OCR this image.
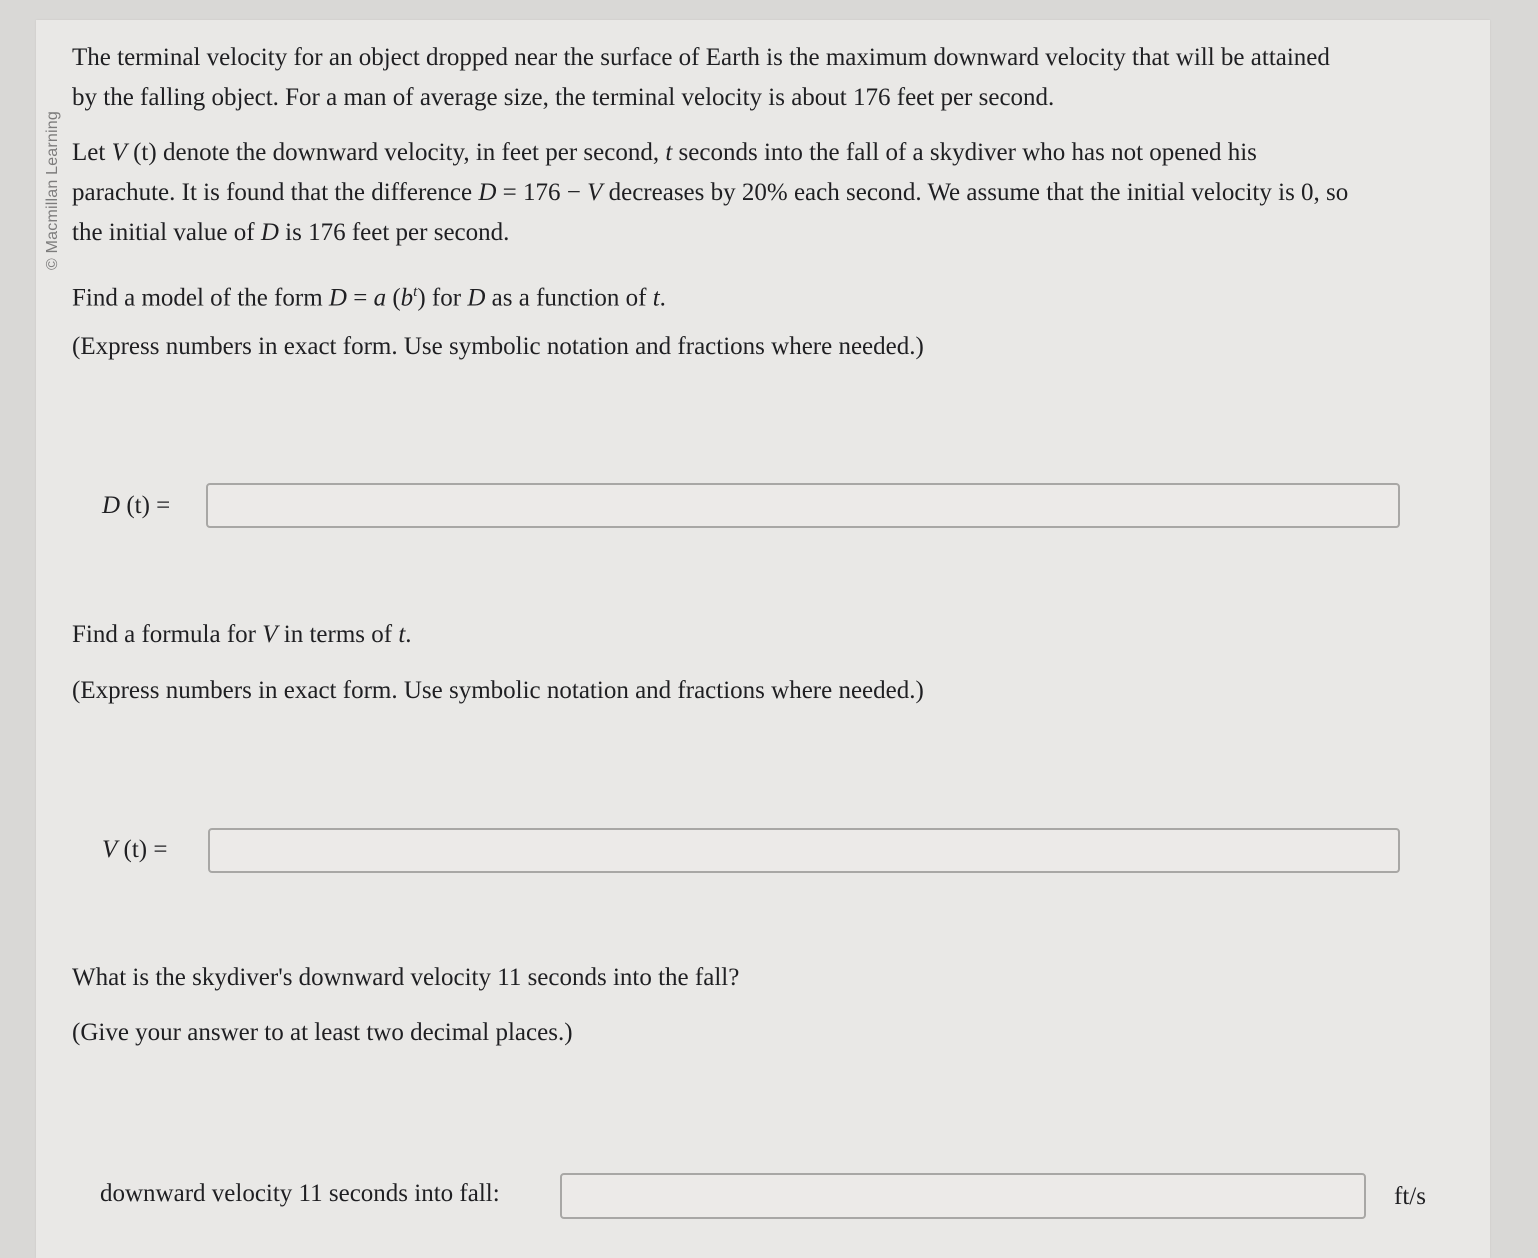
© Macmillan Learning
The terminal velocity for an object dropped near the surface of Earth is the maximum downward velocity that will be attained
by the falling object. For a man of average size, the terminal velocity is about 176 feet per second.
Let V (t) denote the downward velocity, in feet per second, t seconds into the fall of a skydiver who has not opened his
parachute. It is found that the difference D = 176 − V decreases by 20% each second. We assume that the initial velocity is 0, so
the initial value of D is 176 feet per second.
Find a model of the form D = a $(b^t)$ for D as a function of t.
(Express numbers in exact form. Use symbolic notation and fractions where needed.)
D (t) =
Find a formula for V in terms of t.
(Express numbers in exact form. Use symbolic notation and fractions where needed.)
V (t) =
What is the skydiver's downward velocity 11 seconds into the fall?
(Give your answer to at least two decimal places.)
downward velocity 11 seconds into fall:	ft/s
